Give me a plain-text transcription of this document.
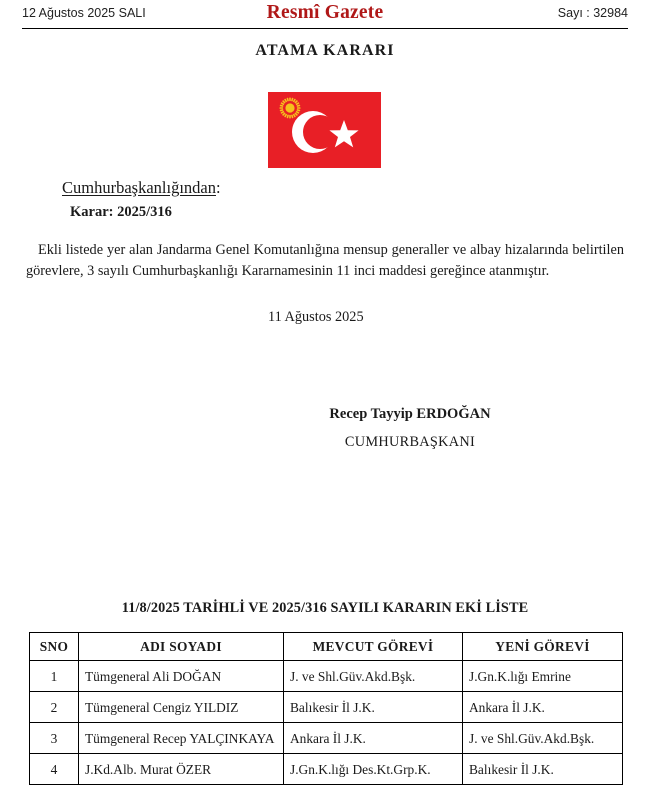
12 Ağustos 2025 SALI	Resmî Gazete	Sayı : 32984
ATAMA KARARI
Cumhurbaşkanlığından:
Karar: 2025/316
Ekli listede yer alan Jandarma Genel Komutanlığına mensup generaller ve albay hizalarında belirtilen görevlere, 3 sayılı Cumhurbaşkanlığı Kararnamesinin 11 inci maddesi gereğince atanmıştır.
11 Ağustos 2025
Recep Tayyip ERDOĞAN
CUMHURBAŞKANI
11/8/2025 TARİHLİ VE 2025/316 SAYILI KARARIN EKİ LİSTE
SNO	ADI SOYADI	MEVCUT GÖREVİ	YENİ GÖREVİ
1	Tümgeneral Ali DOĞAN	J. ve Shl.Güv.Akd.Bşk.	J.Gn.K.lığı Emrine
2	Tümgeneral Cengiz YILDIZ	Balıkesir İl J.K.	Ankara İl J.K.
3	Tümgeneral Recep YALÇINKAYA	Ankara İl J.K.	J. ve Shl.Güv.Akd.Bşk.
4	J.Kd.Alb. Murat ÖZER	J.Gn.K.lığı Des.Kt.Grp.K.	Balıkesir İl J.K.
